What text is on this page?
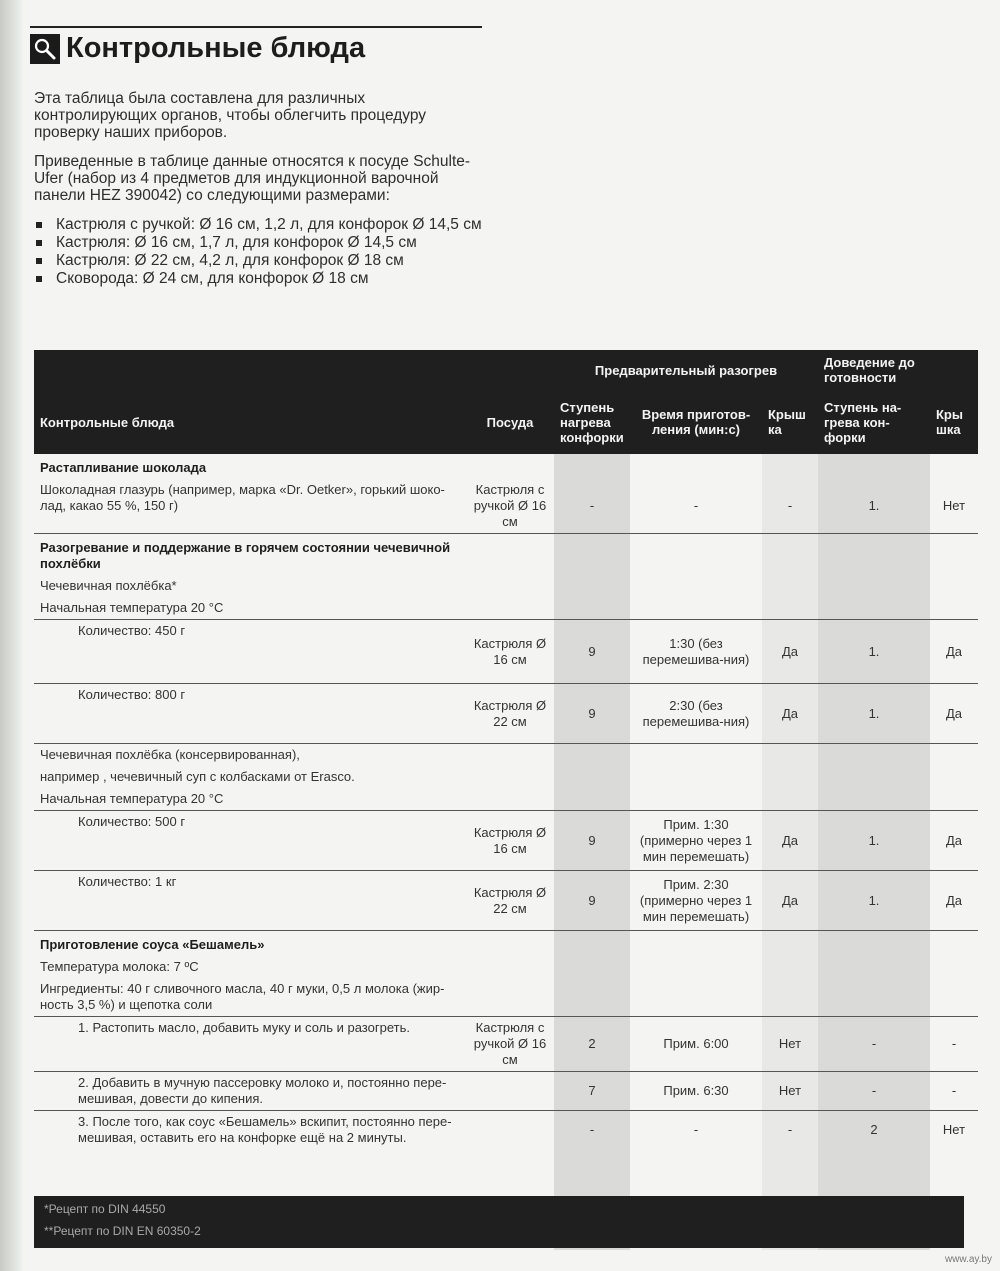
Контрольные блюда

Эта таблица была составлена для различных контролирующих органов, чтобы облегчить процедуру проверку наших приборов.

Приведенные в таблице данные относятся к посуде Schulte-Ufer (набор из 4 предметов для индукционной варочной панели HEZ 390042) со следующими размерами:

Кастрюля с ручкой: Ø 16 см, 1,2 л, для конфорок Ø 14,5 см
Кастрюля: Ø 16 см, 1,7 л, для конфорок Ø 14,5 см
Кастрюля: Ø 22 см, 4,2 л, для конфорок Ø 18 см
Сковорода: Ø 24 см, для конфорок Ø 18 см
		Предварительный разогрев			Доведение до готовности	
Контрольные блюда	Посуда	Ступень нагрева конфорки	Время приготов-ления (мин:с)	Крыш ка	Ступень на-грева кон-форки	Кры шка
Растапливание шоколада						
Шоколадная глазурь (например, марка «Dr. Oetker», горький шоко-лад, какао 55 %, 150 г)	Кастрюля с ручкой Ø 16 см	-	-	-	1.	Нет
Разогревание и поддержание в горячем состоянии чечевичной похлёбки						
Чечевичная похлёбка*						
Начальная температура 20 °C						
Количество: 450 г	Кастрюля Ø 16 см	9	1:30 (без перемешива-ния)	Да	1.	Да
Количество: 800 г	Кастрюля Ø 22 см	9	2:30 (без перемешива-ния)	Да	1.	Да
Чечевичная похлёбка (консервированная),						
например , чечевичный суп с колбасками от Erasco.						
Начальная температура 20 °C						
Количество: 500 г	Кастрюля Ø 16 см	9	Прим. 1:30 (примерно через 1 мин перемешать)	Да	1.	Да
Количество: 1 кг	Кастрюля Ø 22 см	9	Прим. 2:30 (примерно через 1 мин перемешать)	Да	1.	Да
Приготовление соуса «Бешамель»						
Температура молока: 7 ºC						
Ингредиенты: 40 г сливочного масла, 40 г муки, 0,5 л молока (жир-ность 3,5 %) и щепотка соли						
1. Растопить масло, добавить муку и соль и разогреть.	Кастрюля с ручкой Ø 16 см	2	Прим. 6:00	Нет	-	-
2. Добавить в мучную пассеровку молоко и, постоянно пере-мешивая, довести до кипения.		7	Прим. 6:30	Нет	-	-
3. После того, как соус «Бешамель» вскипит, постоянно пере-мешивая, оставить его на конфорке ещё на 2 минуты.		-	-	-	2	Нет
*Рецепт по DIN 44550
**Рецепт по DIN EN 60350-2
www.ay.by
